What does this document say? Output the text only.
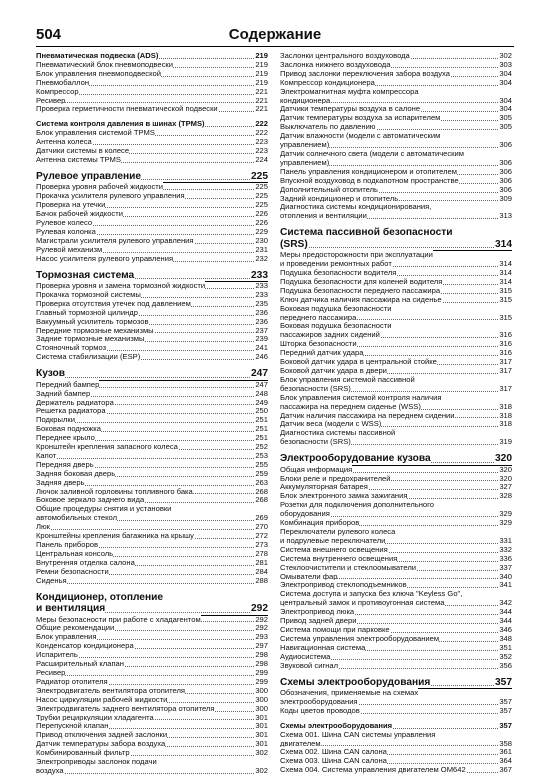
504	Содержание
Пневматическая подвеска (ADS)	219
Пневматический блок пневмоподвески	219
Блок управления пневмоподвеской	219
Пневмобаллон	219
Компрессор	221
Ресивер	221
Проверка герметичности пневматической подвески	221
Система контроля давления в шинах (TPMS)	222
Блок управления системой TPMS	222
Антенна колеса	223
Датчики системы в колесе	223
Антенна системы TPMS	224
Рулевое управление	225
Проверка уровня рабочей жидкости	225
Прокачка усилителя рулевого управления	225
Проверка на утечки	225
Бачок рабочей жидкости	226
Рулевое колесо	226
Рулевая колонка	229
Магистрали усилителя рулевого управления	230
Рулевой механизм	231
Насос усилителя рулевого управления	232
Тормозная система	233
Проверка уровня и замена тормозной жидкости	233
Прокачка тормозной системы	233
Проверка отсутствия утечек под давлением	235
Главный тормозной цилиндр	236
Вакуумный усилитель тормозов	236
Передние тормозные механизмы	237
Задние тормозные механизмы	239
Стояночный тормоз	241
Система стабилизации (ESP)	246
Кузов	247
Передний бампер	247
Задний бампер	248
Держатель радиатора	249
Решетка радиатора	250
Подкрылки	251
Боковая подножка	251
Переднее крыло	251
Кронштейн крепления запасного колеса	252
Капот	253
Передняя дверь	255
Задняя боковая дверь	259
Задняя дверь	263
Лючок заливной горловины топливного бака	268
Боковое зеркало заднего вида	268
Общие процедуры снятия и установки
автомобильных стекол	269
Люк	270
Кронштейны крепления багажника на крышу	272
Панель приборов	273
Центральная консоль	278
Внутренняя отделка салона	281
Ремни безопасности	284
Сиденья	288
Кондиционер, отопление
и вентиляция	292
Меры безопасности при работе с хладагентом	292
Общие рекомендации	292
Блок управления	293
Конденсатор кондиционера	297
Испаритель	298
Расширительный клапан	298
Ресивер	299
Радиатор отопителя	299
Электродвигатель вентилятора отопителя	300
Насос циркуляции рабочей жидкости	300
Электродвигатель заднего вентилятора отопителя	300
Трубки рециркуляции хладагента	301
Перепускной клапан	301
Привод отключения задней заслонки	301
Датчик температуры забора воздуха	301
Комбинированный фильтр	302
Электроприводы заслонок подачи
воздуха	302
Заслонки центрального воздуховода	302
Заслонка нижнего воздуховода	303
Привод заслонки переключения забора воздуха	304
Компрессор кондиционера	304
Электромагнитная муфта компрессора
кондиционера	304
Датчики температуры воздуха в салоне	304
Датчик температуры воздуха за испарителем	305
Выключатель по давлению	305
Датчик влажности (модели с автоматическим
управлением)	306
Датчик солнечного света (модели с автоматическим
управлением)	306
Панель управления кондиционером и отопителем	306
Впускной воздуховод в подкапотном пространстве	306
Дополнительный отопитель	306
Задний кондиционер и отопитель	309
Диагностика системы кондиционирования,
отопления и вентиляции	313
Система пассивной безопасности
(SRS)	314
Меры предосторожности при эксплуатации
и проведении ремонтных работ	314
Подушка безопасности водителя	314
Подушка безопасности для коленей водителя	314
Подушка безопасности переднего пассажира	315
Ключ датчика наличия пассажира на сиденье	315
Боковая подушка безопасности
переднего пассажира	315
Боковая подушка безопасности
пассажиров задних сидений	316
Шторка безопасности	316
Передний датчик удара	316
Боковой датчик удара в центральной стойке	317
Боковой датчик удара в двери	317
Блок управления системой пассивной
безопасности (SRS)	317
Блок управления системой контроля наличия
пассажира на переднем сиденье (WSS)	318
Датчик наличия пассажира на переднем сидении	318
Датчик веса (модели с WSS)	318
Диагностика системы пассивной
безопасности (SRS)	319
Электрооборудование кузова	320
Общая информация	320
Блоки реле и предохранителей	320
Аккумуляторная батарея	327
Блок электронного замка зажигания	328
Розетки для подключения дополнительного
оборудования	329
Комбинация приборов	329
Переключатели рулевого колеса
и подрулевые переключатели	331
Система внешнего освещения	332
Система внутреннего освещения	336
Стеклоочистители и стеклоомыватели	337
Омыватели фар	340
Электропривод стеклоподъемников	341
Система доступа и запуска без ключа "Keyless Go",
центральный замок и противоугонная система	342
Электропривод люка	344
Привод задней двери	344
Система помощи при парковке	346
Система управления электрооборудованием	348
Навигационная система	351
Аудиосистема	352
Звуковой сигнал	356
Схемы электрооборудования	357
Обозначения, применяемые на схемах
электрооборудования	357
Коды цветов проводов	357
Схемы электрооборудования	357
Схема 001. Шина CAN системы управления
двигателем	358
Схема 002. Шина CAN салона	361
Схема 003. Шина CAN салона	364
Схема 004. Система управления двигателем OM642	367
